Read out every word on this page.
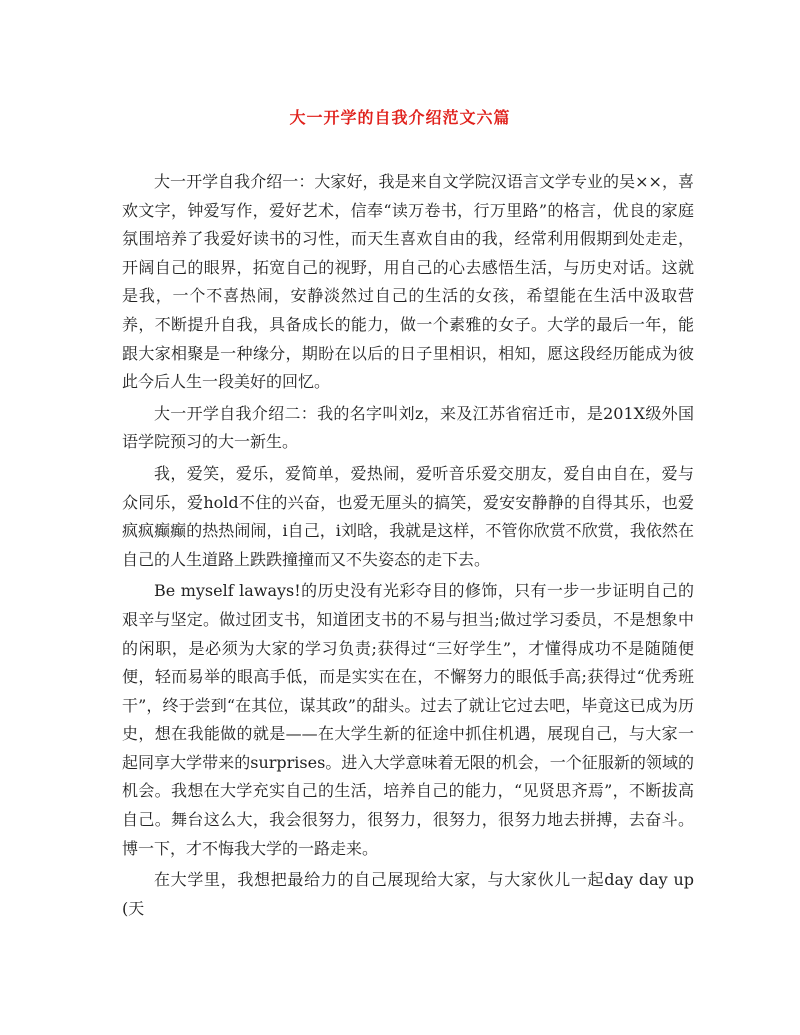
大一开学的自我介绍范文六篇

大一开学自我介绍一：大家好，我是来自文学院汉语言文学专业的吴××，喜欢文字，钟爱写作，爱好艺术，信奉“读万卷书，行万里路”的格言，优良的家庭氛围培养了我爱好读书的习性，而天生喜欢自由的我，经常利用假期到处走走，开阔自己的眼界，拓宽自己的视野，用自己的心去感悟生活，与历史对话。这就是我，一个不喜热闹，安静淡然过自己的生活的女孩，希望能在生活中汲取营养，不断提升自我，具备成长的能力，做一个素雅的女子。大学的最后一年，能跟大家相聚是一种缘分，期盼在以后的日子里相识，相知，愿这段经历能成为彼此今后人生一段美好的回忆。

大一开学自我介绍二：我的名字叫刘z，来及江苏省宿迁市，是201X级外国语学院预习的大一新生。

我，爱笑，爱乐，爱简单，爱热闹，爱听音乐爱交朋友，爱自由自在，爱与众同乐，爱hold不住的兴奋，也爱无厘头的搞笑，爱安安静静的自得其乐，也爱疯疯癫癫的热热闹闹，i自己，i刘晗，我就是这样，不管你欣赏不欣赏，我依然在自己的人生道路上跌跌撞撞而又不失姿态的走下去。

Be myself laways!的历史没有光彩夺目的修饰，只有一步一步证明自己的艰辛与坚定。做过团支书，知道团支书的不易与担当;做过学习委员，不是想象中的闲职，是必须为大家的学习负责;获得过“三好学生”，才懂得成功不是随随便便，轻而易举的眼高手低，而是实实在在，不懈努力的眼低手高;获得过“优秀班干”，终于尝到“在其位，谋其政”的甜头。过去了就让它过去吧，毕竟这已成为历史，想在我能做的就是——在大学生新的征途中抓住机遇，展现自己，与大家一起同享大学带来的surprises。进入大学意味着无限的机会，一个征服新的领域的机会。我想在大学充实自己的生活，培养自己的能力，“见贤思齐焉”，不断拔高自己。舞台这么大，我会很努力，很努力，很努力，很努力地去拼搏，去奋斗。博一下，才不悔我大学的一路走来。

在大学里，我想把最给力的自己展现给大家，与大家伙儿一起day day up(天
